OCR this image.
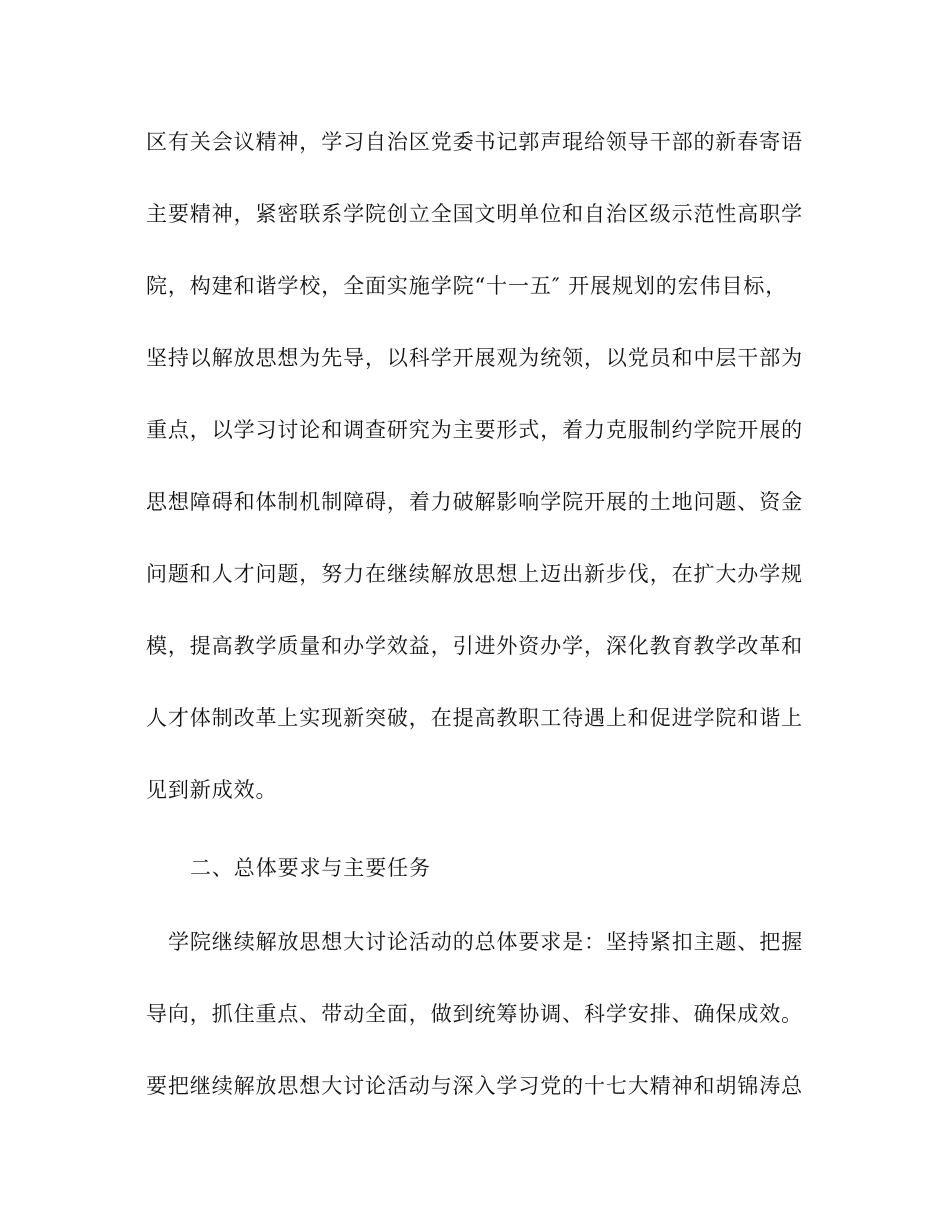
区有关会议精神，学习自治区党委书记郭声琨给领导干部的新春寄语
主要精神，紧密联系学院创立全国文明单位和自治区级示范性高职学
院，构建和谐学校，全面实施学院“十一五″ 开展规划的宏伟目标，
坚持以解放思想为先导，以科学开展观为统领，以党员和中层干部为
重点，以学习讨论和调查研究为主要形式，着力克服制约学院开展的
思想障碍和体制机制障碍，着力破解影响学院开展的土地问题、资金
问题和人才问题，努力在继续解放思想上迈出新步伐，在扩大办学规
模，提高教学质量和办学效益，引进外资办学，深化教育教学改革和
人才体制改革上实现新突破，在提高教职工待遇上和促进学院和谐上
见到新成效。
二、总体要求与主要任务
学院继续解放思想大讨论活动的总体要求是：坚持紧扣主题、把握
导向，抓住重点、带动全面，做到统筹协调、科学安排、确保成效。
要把继续解放思想大讨论活动与深入学习党的十七大精神和胡锦涛总
